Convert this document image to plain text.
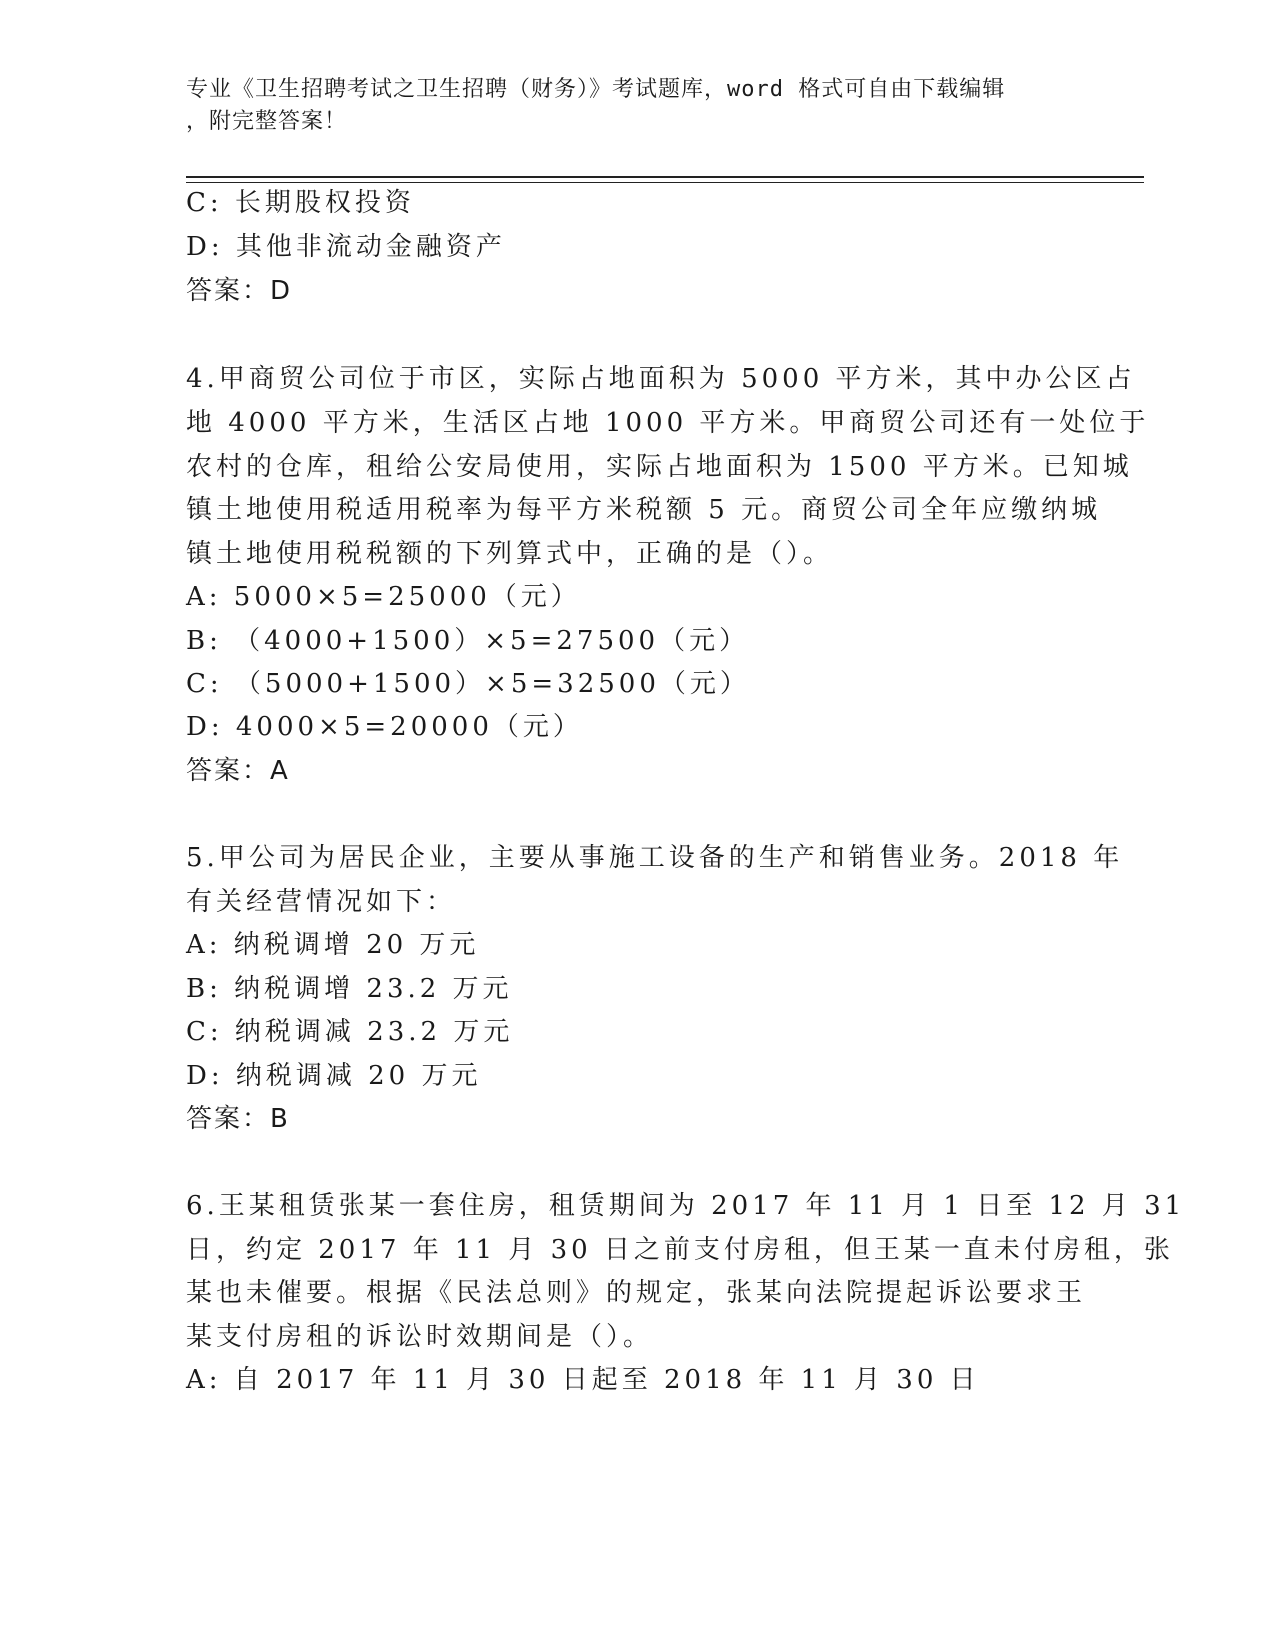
专业《卫生招聘考试之卫生招聘（财务）》考试题库，word 格式可自由下载编辑
，附完整答案！
C: 长期股权投资
D: 其他非流动金融资产
答案：D
4.甲商贸公司位于市区，实际占地面积为 5000 平方米，其中办公区占
地 4000 平方米，生活区占地 1000 平方米。甲商贸公司还有一处位于
农村的仓库，租给公安局使用，实际占地面积为 1500 平方米。已知城
镇土地使用税适用税率为每平方米税额 5 元。商贸公司全年应缴纳城
镇土地使用税税额的下列算式中，正确的是（）。
A: 5000×5=25000（元）
B: （4000+1500）×5=27500（元）
C: （5000+1500）×5=32500（元）
D: 4000×5=20000（元）
答案：A
5.甲公司为居民企业，主要从事施工设备的生产和销售业务。2018 年
有关经营情况如下：
A: 纳税调增 20 万元
B: 纳税调增 23.2 万元
C: 纳税调减 23.2 万元
D: 纳税调减 20 万元
答案：B
6.王某租赁张某一套住房，租赁期间为 2017 年 11 月 1 日至 12 月 31
日，约定 2017 年 11 月 30 日之前支付房租，但王某一直未付房租，张
某也未催要。根据《民法总则》的规定，张某向法院提起诉讼要求王
某支付房租的诉讼时效期间是（）。
A: 自 2017 年 11 月 30 日起至 2018 年 11 月 30 日
